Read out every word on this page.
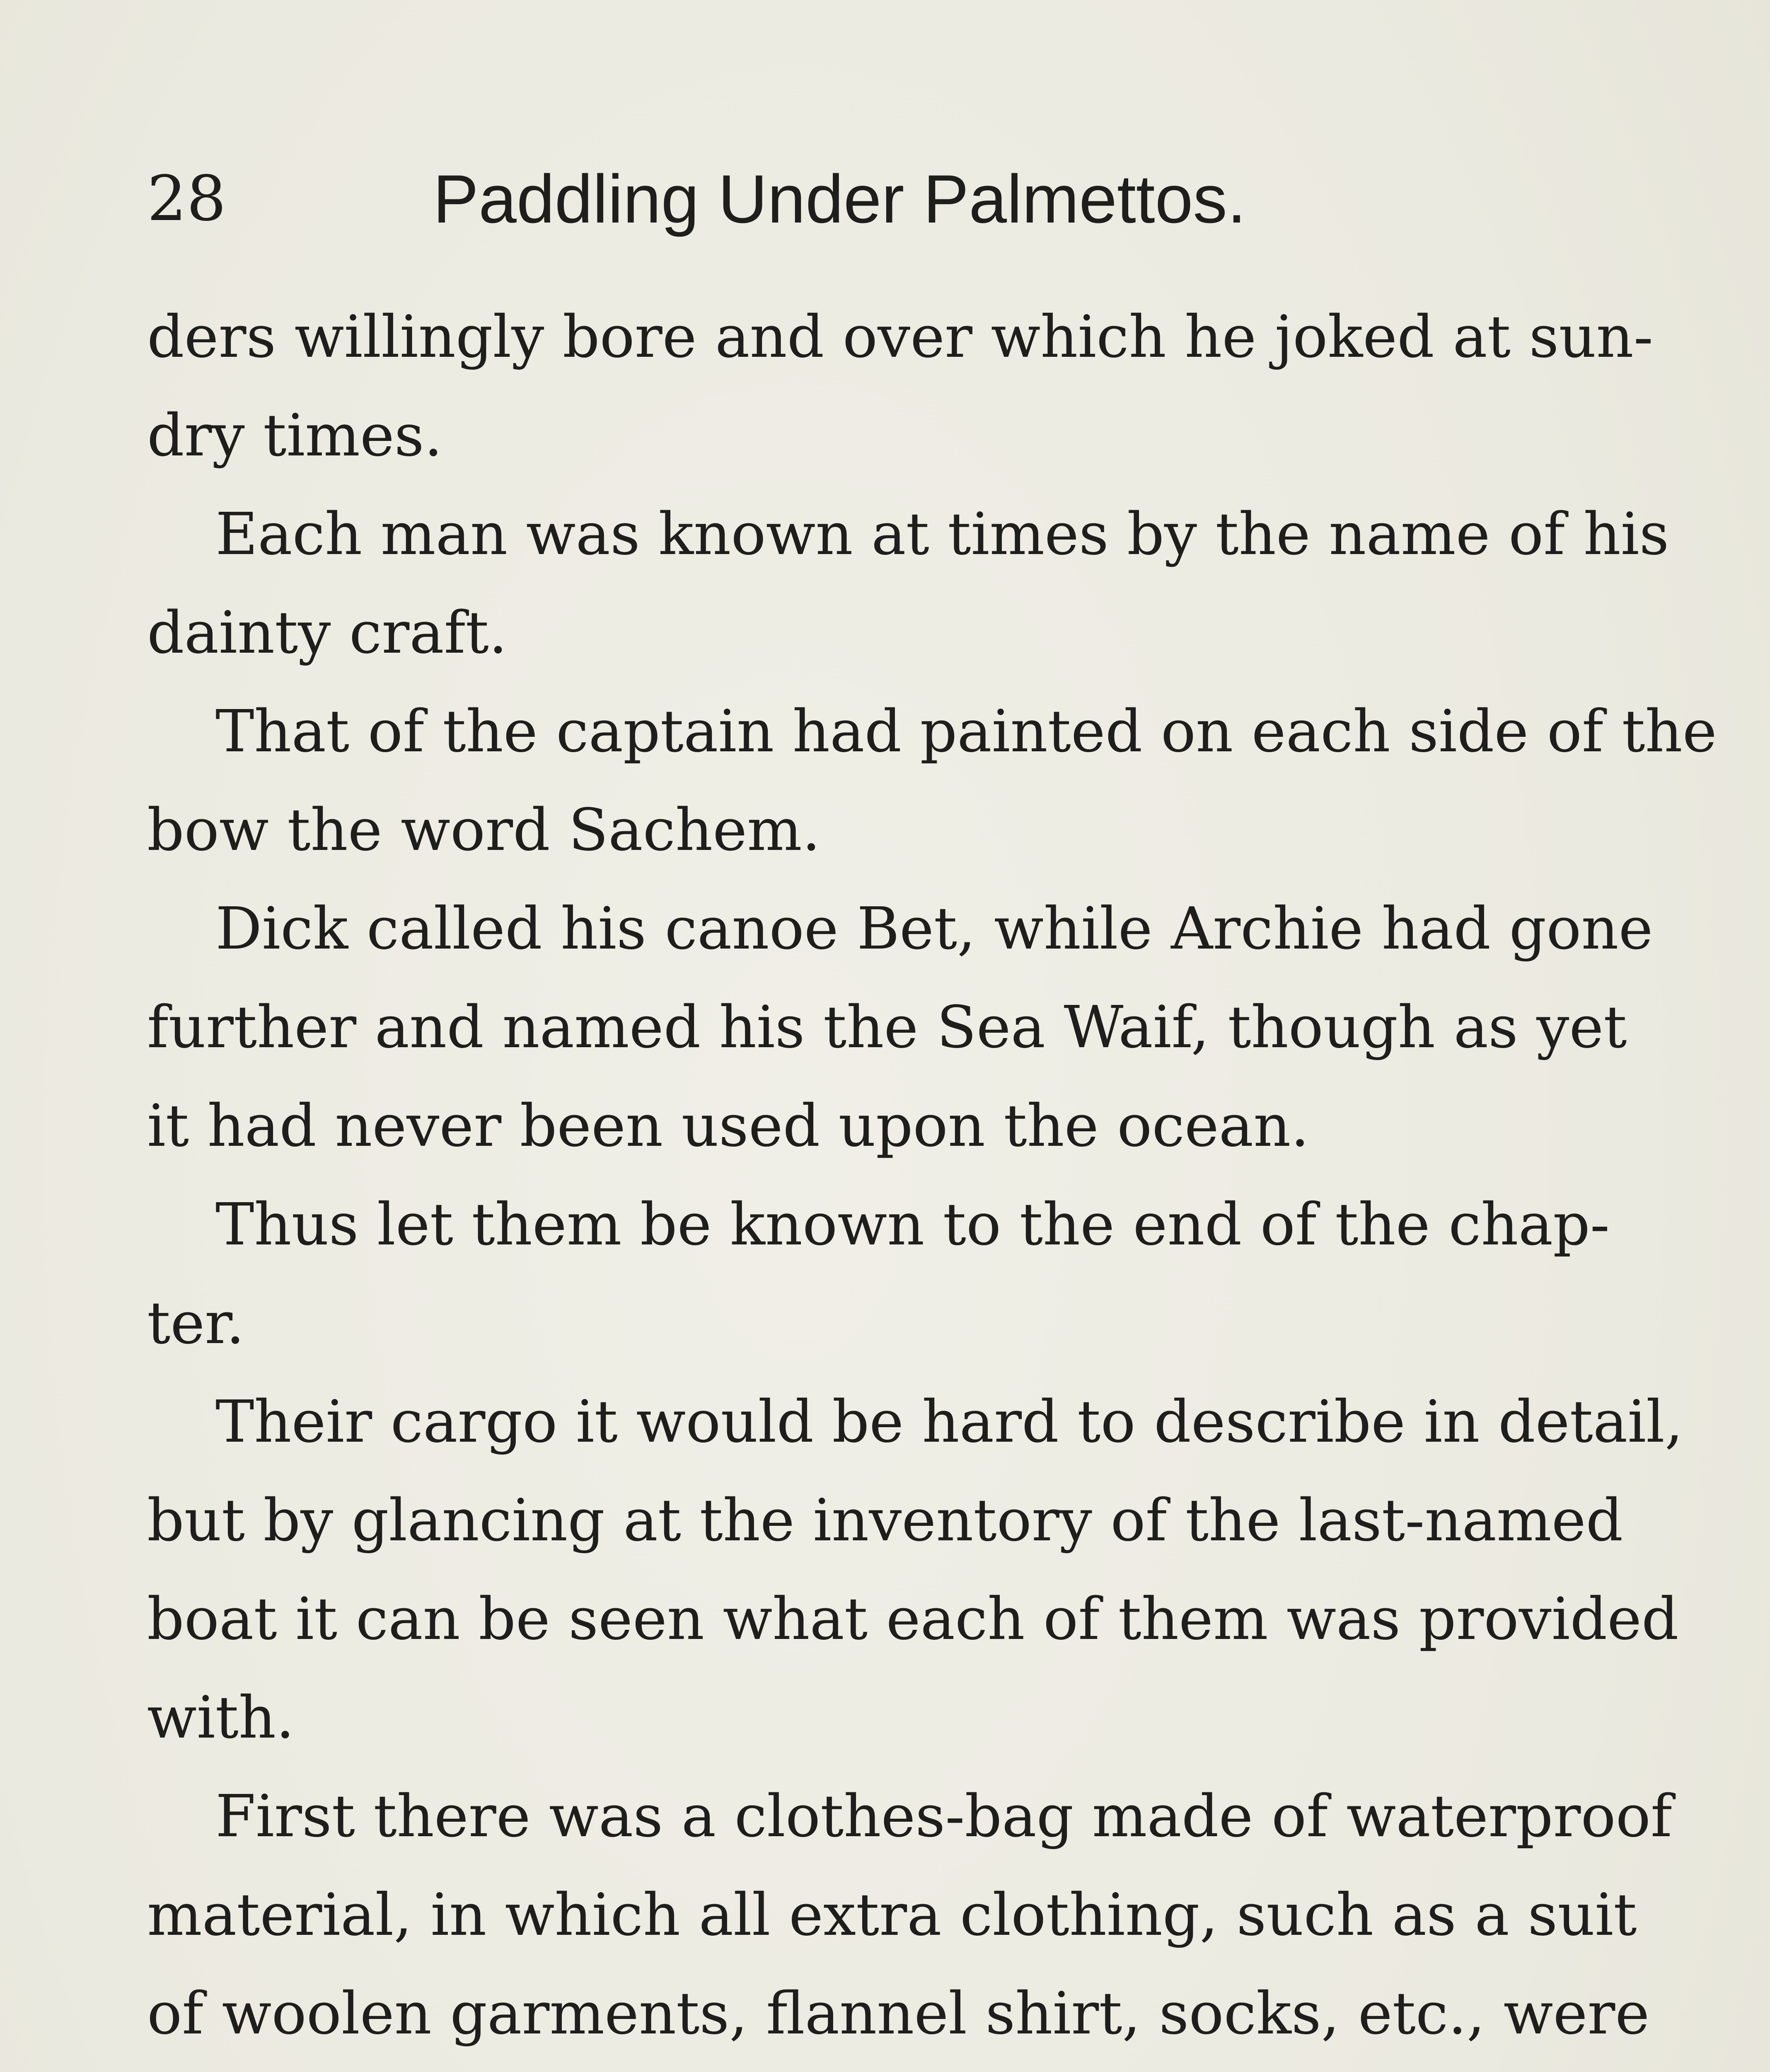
28	Paddling Under Palmettos.
ders willingly bore and over which he joked at sun-
dry times.
Each man was known at times by the name of his
dainty craft.
That of the captain had painted on each side of the
bow the word Sachem.
Dick called his canoe Bet, while Archie had gone
further and named his the Sea Waif, though as yet
it had never been used upon the ocean.
Thus let them be known to the end of the chap-
ter.
Their cargo it would be hard to describe in detail,
but by glancing at the inventory of the last-named
boat it can be seen what each of them was provided
with.
First there was a clothes-bag made of waterproof
material, in which all extra clothing, such as a suit
of woolen garments, flannel shirt, socks, etc., were
